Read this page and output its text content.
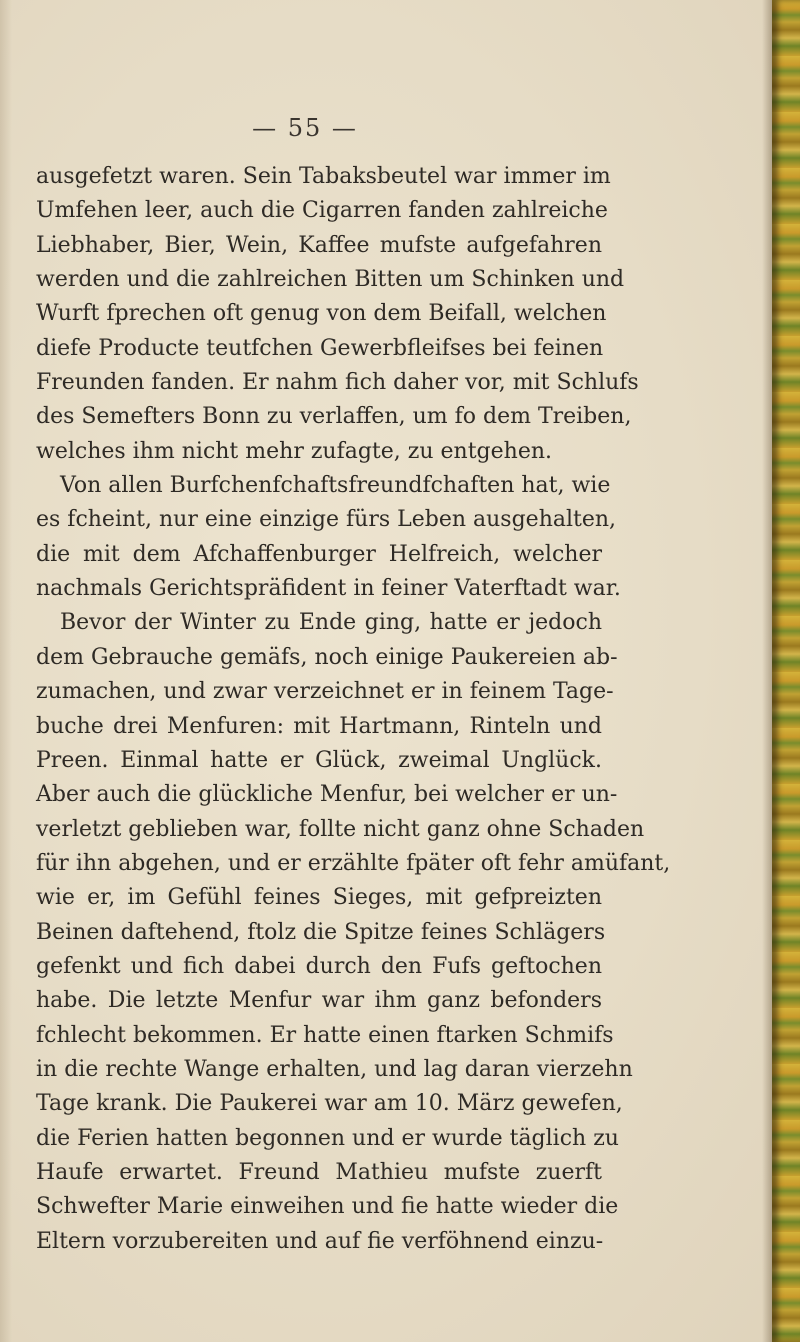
— 55 —
ausgefetzt waren. Sein Tabaksbeutel war immer im
Umfehen leer, auch die Cigarren fanden zahlreiche
Liebhaber, Bier, Wein, Kaffee mufste aufgefahren
werden und die zahlreichen Bitten um Schinken und
Wurft fprechen oft genug von dem Beifall, welchen
diefe Producte teutfchen Gewerbfleifses bei feinen
Freunden fanden. Er nahm fich daher vor, mit Schlufs
des Semefters Bonn zu verlaffen, um fo dem Treiben,
welches ihm nicht mehr zufagte, zu entgehen.
Von allen Burfchenfchaftsfreundfchaften hat, wie
es fcheint, nur eine einzige fürs Leben ausgehalten,
die mit dem Afchaffenburger Helfreich, welcher
nachmals Gerichtspräfident in feiner Vaterftadt war.
Bevor der Winter zu Ende ging, hatte er jedoch
dem Gebrauche gemäfs, noch einige Paukereien ab-
zumachen, und zwar verzeichnet er in feinem Tage-
buche drei Menfuren: mit Hartmann, Rinteln und
Preen. Einmal hatte er Glück, zweimal Unglück.
Aber auch die glückliche Menfur, bei welcher er un-
verletzt geblieben war, follte nicht ganz ohne Schaden
für ihn abgehen, und er erzählte fpäter oft fehr amüfant,
wie er, im Gefühl feines Sieges, mit gefpreizten
Beinen daftehend, ftolz die Spitze feines Schlägers
gefenkt und fich dabei durch den Fufs geftochen
habe. Die letzte Menfur war ihm ganz befonders
fchlecht bekommen. Er hatte einen ftarken Schmifs
in die rechte Wange erhalten, und lag daran vierzehn
Tage krank. Die Paukerei war am 10. März gewefen,
die Ferien hatten begonnen und er wurde täglich zu
Haufe erwartet. Freund Mathieu mufste zuerft
Schwefter Marie einweihen und fie hatte wieder die
Eltern vorzubereiten und auf fie verföhnend einzu-
